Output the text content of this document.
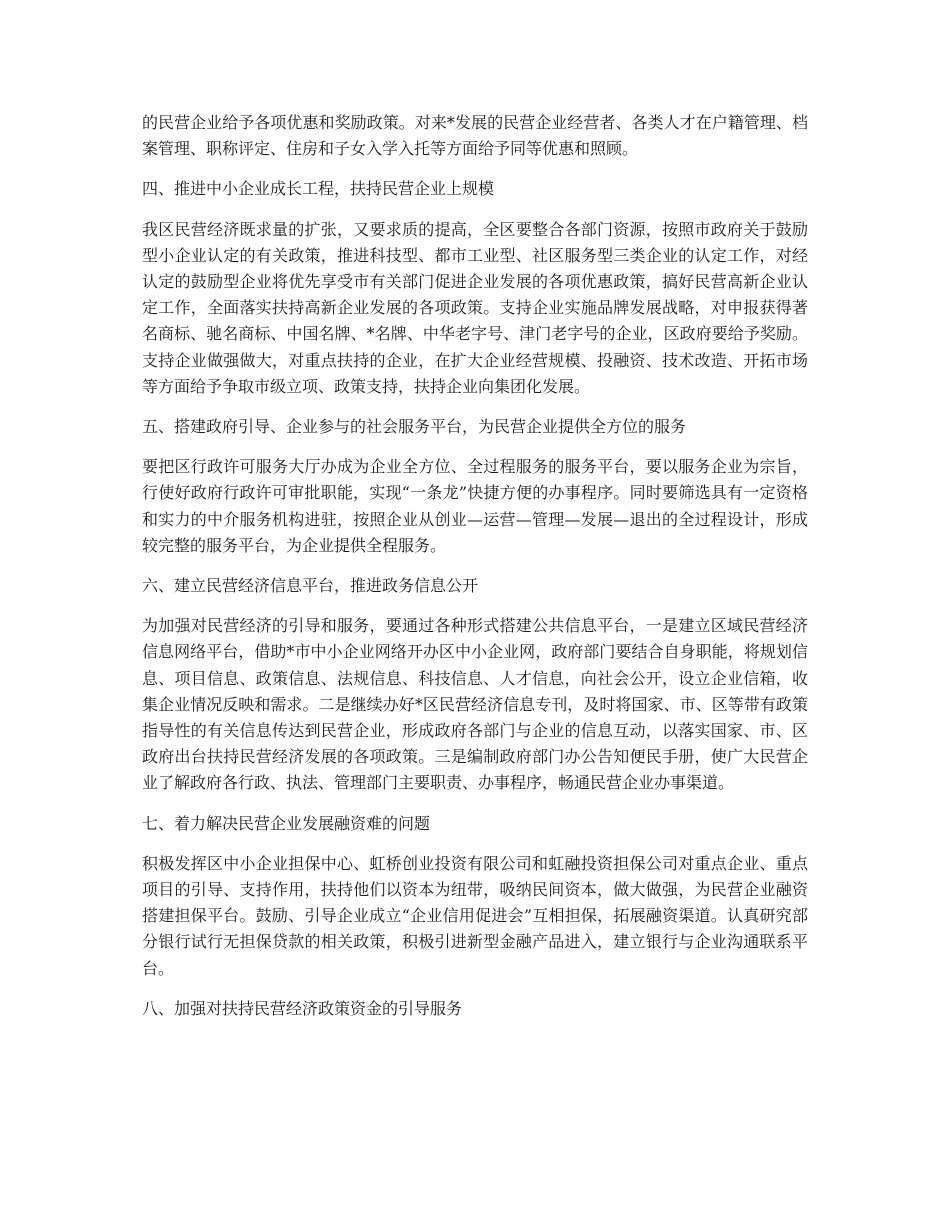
的民营企业给予各项优惠和奖励政策。对来*发展的民营企业经营者、各类人才在户籍管理、档案管理、职称评定、住房和子女入学入托等方面给予同等优惠和照顾。

四、推进中小企业成长工程，扶持民营企业上规模

我区民营经济既求量的扩张，又要求质的提高，全区要整合各部门资源，按照市政府关于鼓励型小企业认定的有关政策，推进科技型、都市工业型、社区服务型三类企业的认定工作，对经认定的鼓励型企业将优先享受市有关部门促进企业发展的各项优惠政策，搞好民营高新企业认定工作，全面落实扶持高新企业发展的各项政策。支持企业实施品牌发展战略，对申报获得著名商标、驰名商标、中国名牌、*名牌、中华老字号、津门老字号的企业，区政府要给予奖励。支持企业做强做大，对重点扶持的企业，在扩大企业经营规模、投融资、技术改造、开拓市场等方面给予争取市级立项、政策支持，扶持企业向集团化发展。

五、搭建政府引导、企业参与的社会服务平台，为民营企业提供全方位的服务

要把区行政许可服务大厅办成为企业全方位、全过程服务的服务平台，要以服务企业为宗旨，行使好政府行政许可审批职能，实现“一条龙”快捷方便的办事程序。同时要筛选具有一定资格和实力的中介服务机构进驻，按照企业从创业—运营—管理—发展—退出的全过程设计，形成较完整的服务平台，为企业提供全程服务。

六、建立民营经济信息平台，推进政务信息公开

为加强对民营经济的引导和服务，要通过各种形式搭建公共信息平台，一是建立区域民营经济信息网络平台，借助*市中小企业网络开办区中小企业网，政府部门要结合自身职能，将规划信息、项目信息、政策信息、法规信息、科技信息、人才信息，向社会公开，设立企业信箱，收集企业情况反映和需求。二是继续办好*区民营经济信息专刊，及时将国家、市、区等带有政策指导性的有关信息传达到民营企业，形成政府各部门与企业的信息互动，以落实国家、市、区政府出台扶持民营经济发展的各项政策。三是编制政府部门办公告知便民手册，使广大民营企业了解政府各行政、执法、管理部门主要职责、办事程序，畅通民营企业办事渠道。

七、着力解决民营企业发展融资难的问题

积极发挥区中小企业担保中心、虹桥创业投资有限公司和虹融投资担保公司对重点企业、重点项目的引导、支持作用，扶持他们以资本为纽带，吸纳民间资本，做大做强，为民营企业融资搭建担保平台。鼓励、引导企业成立“企业信用促进会”互相担保，拓展融资渠道。认真研究部分银行试行无担保贷款的相关政策，积极引进新型金融产品进入，建立银行与企业沟通联系平台。

八、加强对扶持民营经济政策资金的引导服务
